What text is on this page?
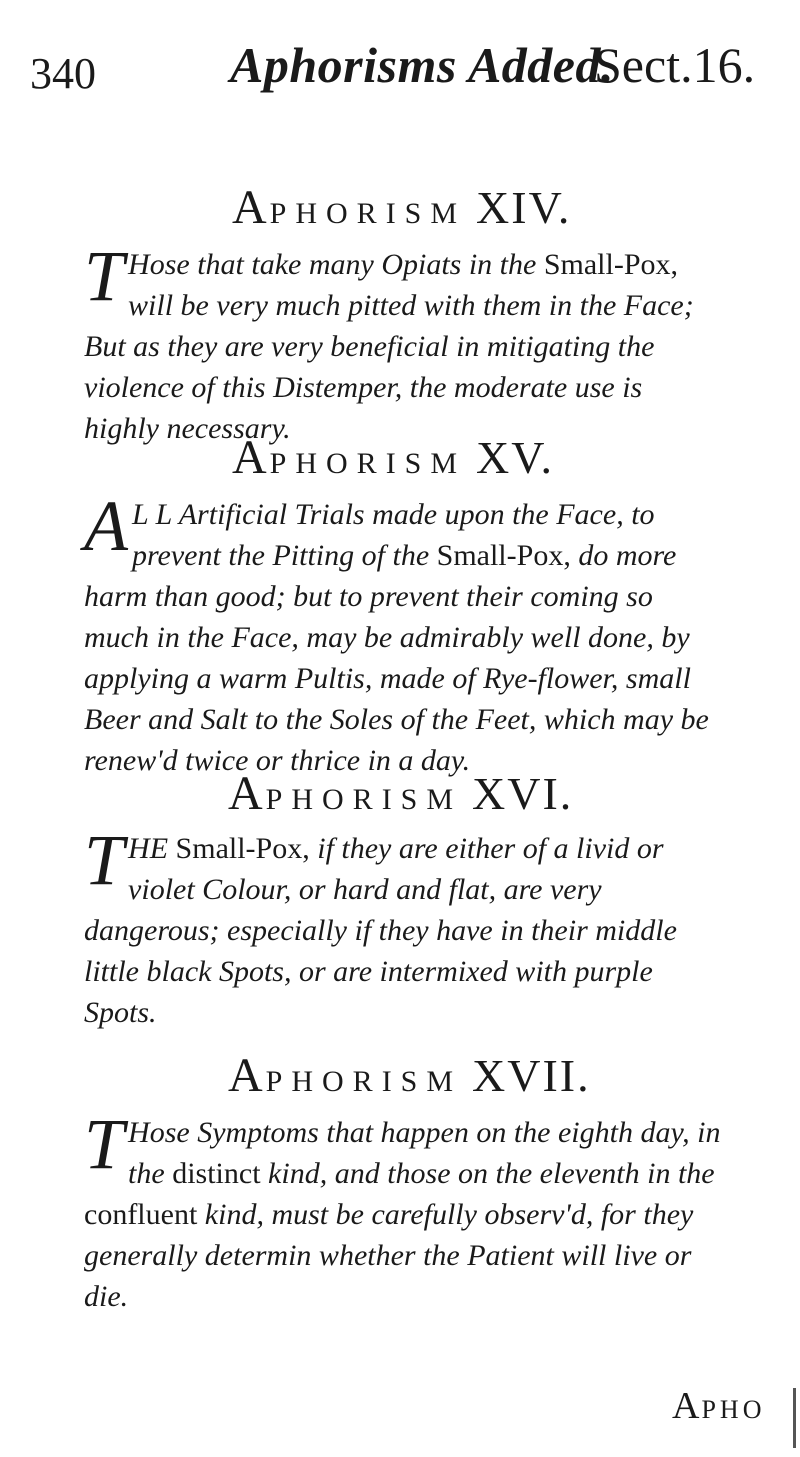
340	Aphorisms Added.
Sect.16.
APHORISM XIV.
T Hose that take many Opiats in the Small-Pox, will be very much pitted with them in the Face; But as they are very beneficial in mitigating the violence of this Distemper, the moderate use is highly necessary.
APHORISM XV.
A L L Artificial Trials made upon the Face, to prevent the Pitting of the Small-Pox, do more harm than good; but to prevent their coming so much in the Face, may be admirably well done, by applying a warm Pultis, made of Rye-flower, small Beer and Salt to the Soles of the Feet, which may be renew'd twice or thrice in a day.
APHORISM XVI.
THE Small-Pox, if they are either of a livid or violet Colour, or hard and flat, are very dangerous; especially if they have in their middle little black Spots, or are intermixed with purple Spots.
APHORISM XVII.
T Hose Symptoms that happen on the eighth day, in the distinct kind, and those on the eleventh in the confluent kind, must be carefully observ'd, for they generally determin whether the Patient will live or die.
APHO
